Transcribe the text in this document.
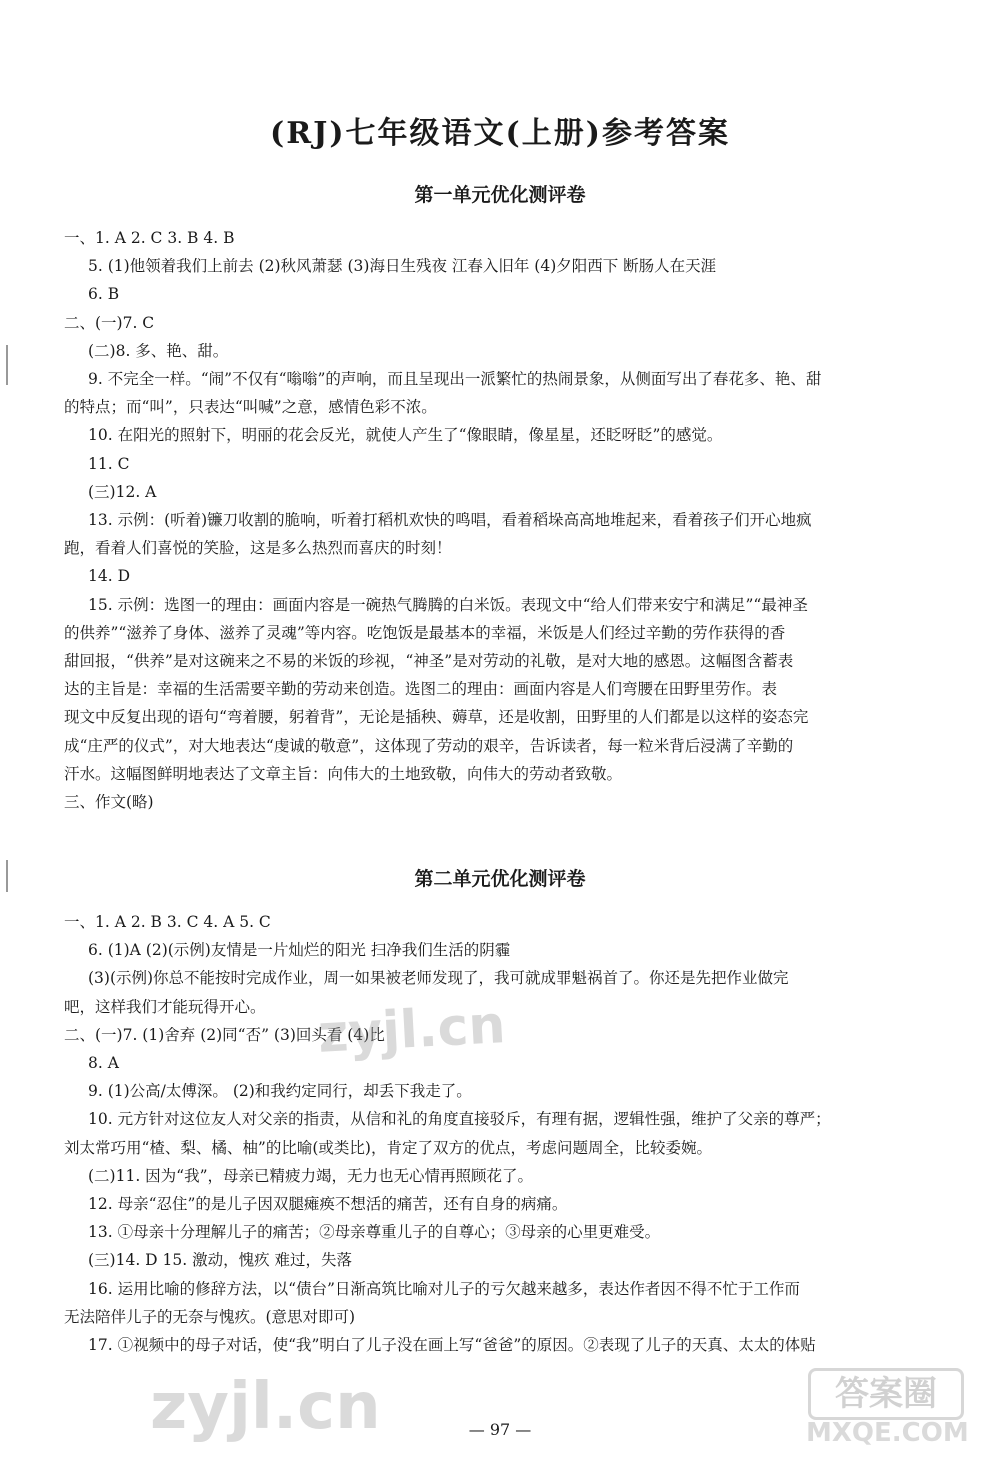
(RJ)七年级语文(上册)参考答案
第一单元优化测评卷
一、1. A 2. C 3. B 4. B
5. (1)他领着我们上前去 (2)秋风萧瑟 (3)海日生残夜 江春入旧年 (4)夕阳西下 断肠人在天涯
6. B
二、(一)7. C
(二)8. 多、艳、甜。
9. 不完全一样。“闹”不仅有“嗡嗡”的声响，而且呈现出一派繁忙的热闹景象，从侧面写出了春花多、艳、甜
的特点；而“叫”，只表达“叫喊”之意，感情色彩不浓。
10. 在阳光的照射下，明丽的花会反光，就使人产生了“像眼睛，像星星，还眨呀眨”的感觉。
11. C
(三)12. A
13. 示例：(听着)镰刀收割的脆响，听着打稻机欢快的鸣唱，看着稻垛高高地堆起来，看着孩子们开心地疯
跑，看着人们喜悦的笑脸，这是多么热烈而喜庆的时刻！
14. D
15. 示例：选图一的理由：画面内容是一碗热气腾腾的白米饭。表现文中“给人们带来安宁和满足”“最神圣
的供养”“滋养了身体、滋养了灵魂”等内容。吃饱饭是最基本的幸福，米饭是人们经过辛勤的劳作获得的香
甜回报，“供养”是对这碗来之不易的米饭的珍视，“神圣”是对劳动的礼敬，是对大地的感恩。这幅图含蓄表
达的主旨是：幸福的生活需要辛勤的劳动来创造。选图二的理由：画面内容是人们弯腰在田野里劳作。表
现文中反复出现的语句“弯着腰，躬着背”，无论是插秧、薅草，还是收割，田野里的人们都是以这样的姿态完
成“庄严的仪式”，对大地表达“虔诚的敬意”，这体现了劳动的艰辛，告诉读者，每一粒米背后浸满了辛勤的
汗水。这幅图鲜明地表达了文章主旨：向伟大的土地致敬，向伟大的劳动者致敬。
三、作文(略)
第二单元优化测评卷
一、1. A 2. B 3. C 4. A 5. C
6. (1)A (2)(示例)友情是一片灿烂的阳光 扫净我们生活的阴霾
(3)(示例)你总不能按时完成作业，周一如果被老师发现了，我可就成罪魁祸首了。你还是先把作业做完
吧，这样我们才能玩得开心。
二、(一)7. (1)舍弃 (2)同“否” (3)回头看 (4)比
8. A
9. (1)公高/太傅深。 (2)和我约定同行，却丢下我走了。
10. 元方针对这位友人对父亲的指责，从信和礼的角度直接驳斥，有理有据，逻辑性强，维护了父亲的尊严；
刘太常巧用“楂、梨、橘、柚”的比喻(或类比)，肯定了双方的优点，考虑问题周全，比较委婉。
(二)11. 因为“我”，母亲已精疲力竭，无力也无心情再照顾花了。
12. 母亲“忍住”的是儿子因双腿瘫痪不想活的痛苦，还有自身的病痛。
13. ①母亲十分理解儿子的痛苦；②母亲尊重儿子的自尊心；③母亲的心里更难受。
(三)14. D 15. 激动，愧疚 难过，失落
16. 运用比喻的修辞方法，以“债台”日渐高筑比喻对儿子的亏欠越来越多，表达作者因不得不忙于工作而
无法陪伴儿子的无奈与愧疚。(意思对即可)
17. ①视频中的母子对话，使“我”明白了儿子没在画上写“爸爸”的原因。②表现了儿子的天真、太太的体贴
— 97 —
zyjl.cn
zyjl.cn	答案圈
MXQE.COM
